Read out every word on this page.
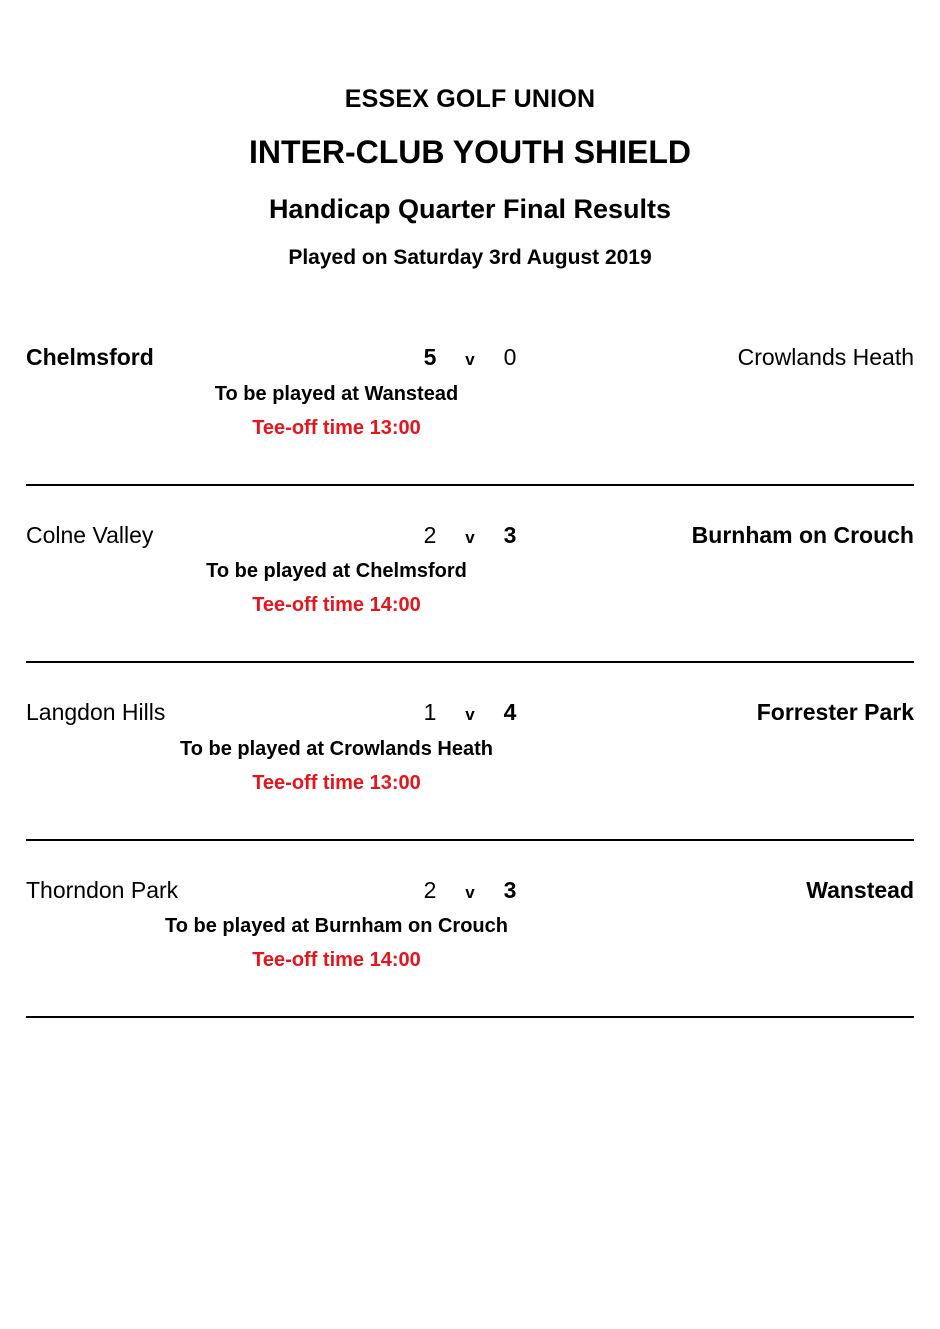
ESSEX GOLF UNION
INTER-CLUB YOUTH SHIELD
Handicap Quarter Final Results
Played on Saturday 3rd August 2019
Chelmsford	5	v	0	Crowlands Heath
To be played at Wanstead
Tee-off time 13:00
Colne Valley	2	v	3	Burnham on Crouch
To be played at Chelmsford
Tee-off time 14:00
Langdon Hills	1	v	4	Forrester Park
To be played at Crowlands Heath
Tee-off time 13:00
Thorndon Park	2	v	3	Wanstead
To be played at Burnham on Crouch
Tee-off time 14:00
